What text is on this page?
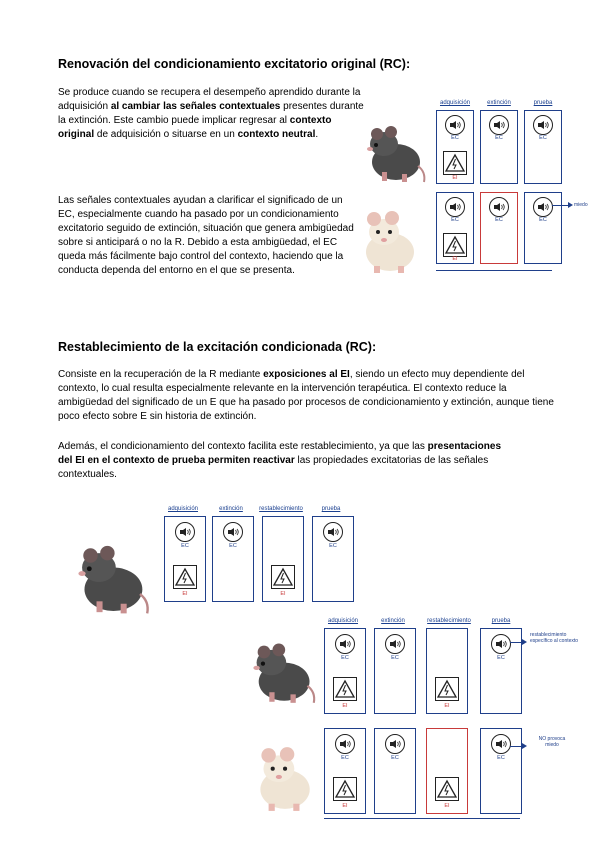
Renovación del condicionamiento excitatorio original (RC):

Se produce cuando se recupera el desempeño aprendido durante la adquisición al cambiar las señales contextuales presentes durante la extinción. Este cambio puede implicar regresar al contexto original de adquisición o situarse en un contexto neutral.

Las señales contextuales ayudan a clarificar el significado de un EC, especialmente cuando ha pasado por un condicionamiento excitatorio seguido de extinción, situación que genera ambigüedad sobre si anticipará o no la R. Debido a esta ambigüedad, el EC queda más fácilmente bajo control del contexto, haciendo que la conducta dependa del entorno en el que se presenta.

adquisición	extinción	prueba
EC
EI
EC	EC
EC
EI
EC	EC
miedo
Restablecimiento de la excitación condicionada (RC):

Consiste en la recuperación de la R mediante exposiciones al EI, siendo un efecto muy dependiente del contexto, lo cual resulta especialmente relevante en la intervención terapéutica. El contexto reduce la ambigüedad del significado de un E que ha pasado por procesos de condicionamiento y extinción, aunque tiene poco efecto sobre E sin historia de extinción.

Además, el condicionamiento del contexto facilita este restablecimiento, ya que las presentaciones del EI en el contexto de prueba permiten reactivar las propiedades excitatorias de las señales contextuales.

adquisición	extinción	restablecimiento	prueba
EC
EI
EC
EI
EC
adquisición	extinción	restablecimiento	prueba
EC
EI
EC
EI
EC
restablecimiento específico al contexto
EC
EI
EC
EI
EC
NO provoca miedo
